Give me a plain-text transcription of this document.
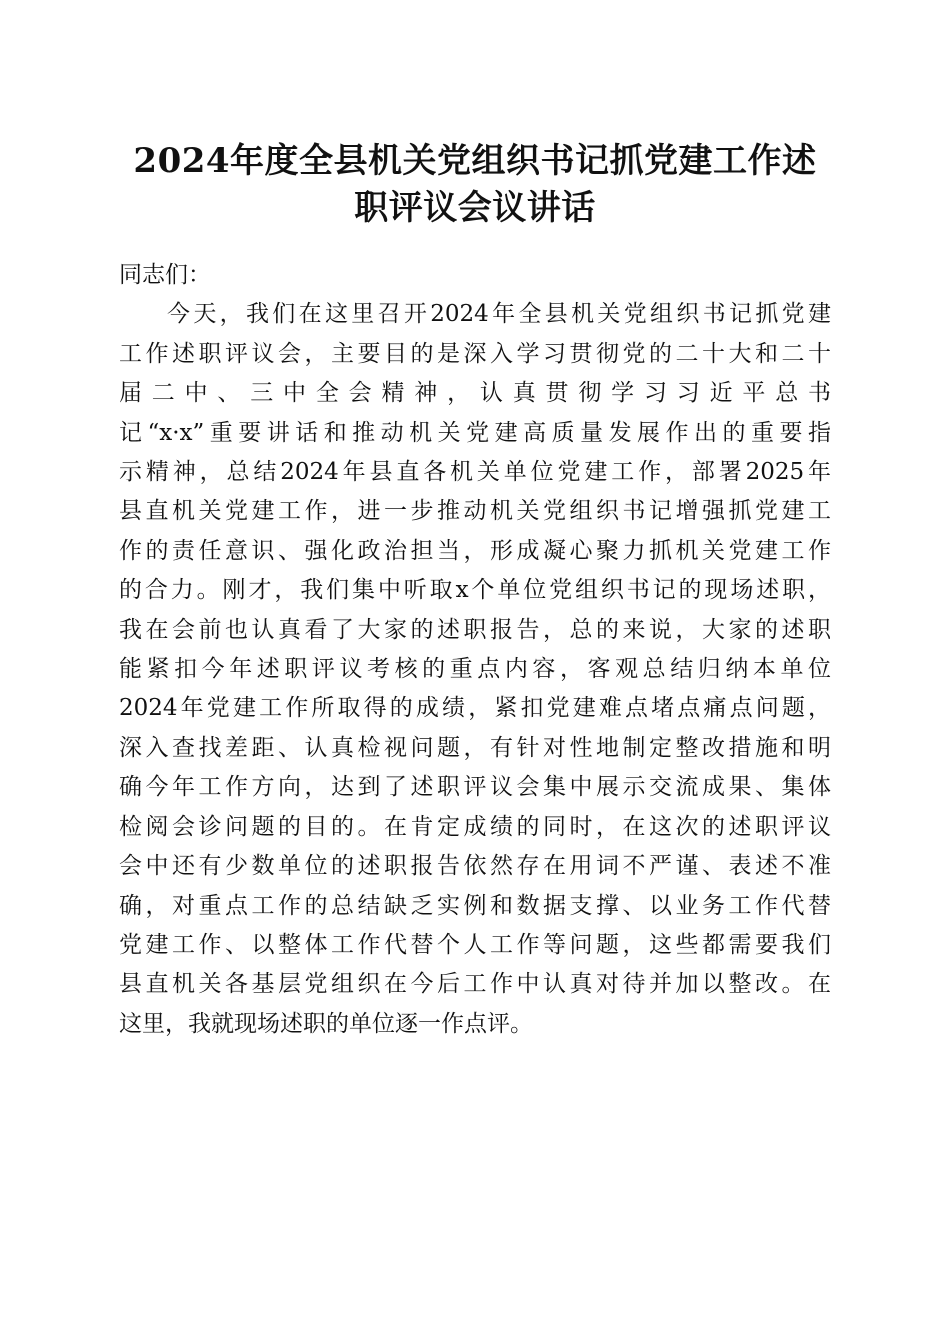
2024年度全县机关党组织书记抓党建工作述
职评议会议讲话

同志们：

今天，我们在这里召开2024年全县机关党组织书记抓党建
工作述职评议会，主要目的是深入学习贯彻党的二十大和二十
届二中、三中全会精神，认真贯彻学习习近平总书
记“x·x”重要讲话和推动机关党建高质量发展作出的重要指
示精神，总结2024年县直各机关单位党建工作，部署2025年
县直机关党建工作，进一步推动机关党组织书记增强抓党建工
作的责任意识、强化政治担当，形成凝心聚力抓机关党建工作
的合力。刚才，我们集中听取x个单位党组织书记的现场述职，
我在会前也认真看了大家的述职报告，总的来说，大家的述职
能紧扣今年述职评议考核的重点内容，客观总结归纳本单位
2024年党建工作所取得的成绩，紧扣党建难点堵点痛点问题，
深入查找差距、认真检视问题，有针对性地制定整改措施和明
确今年工作方向，达到了述职评议会集中展示交流成果、集体
检阅会诊问题的目的。在肯定成绩的同时，在这次的述职评议
会中还有少数单位的述职报告依然存在用词不严谨、表述不准
确，对重点工作的总结缺乏实例和数据支撑、以业务工作代替
党建工作、以整体工作代替个人工作等问题，这些都需要我们
县直机关各基层党组织在今后工作中认真对待并加以整改。在
这里，我就现场述职的单位逐一作点评。
